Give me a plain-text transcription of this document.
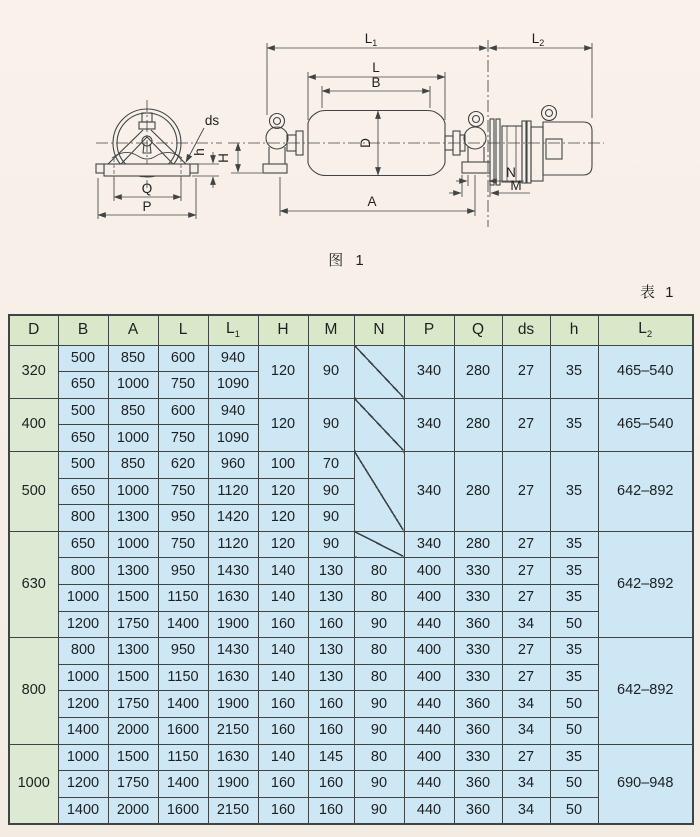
$L_1$	$L_2$
L
B
D
H
A
N
M
Q
P
h
ds
图 1
表 1
D	B	A	L	$L_1$	H	M	N	P	Q	ds	h	$L_2$
320	500	850	600	940	120	90		340	280	27	35	465–540
	650	1000	750	1090								
400	500	850	600	940	120	90		340	280	27	35	465–540
	650	1000	750	1090								
500	500	850	620	960	100	70		340	280	27	35	642–892
	650	1000	750	1120	120	90						
	800	1300	950	1420	120	90						
630	650	1000	750	1120	120	90		340	280	27	35	642–892
	800	1300	950	1430	140	130	80	400	330	27	35	
	1000	1500	1150	1630	140	130	80	400	330	27	35	
	1200	1750	1400	1900	160	160	90	440	360	34	50	
800	800	1300	950	1430	140	130	80	400	330	27	35	642–892
	1000	1500	1150	1630	140	130	80	400	330	27	35	
	1200	1750	1400	1900	160	160	90	440	360	34	50	
	1400	2000	1600	2150	160	160	90	440	360	34	50	
1000	1000	1500	1150	1630	140	145	80	400	330	27	35	690–948
	1200	1750	1400	1900	160	160	90	440	360	34	50	
	1400	2000	1600	2150	160	160	90	440	360	34	50	
